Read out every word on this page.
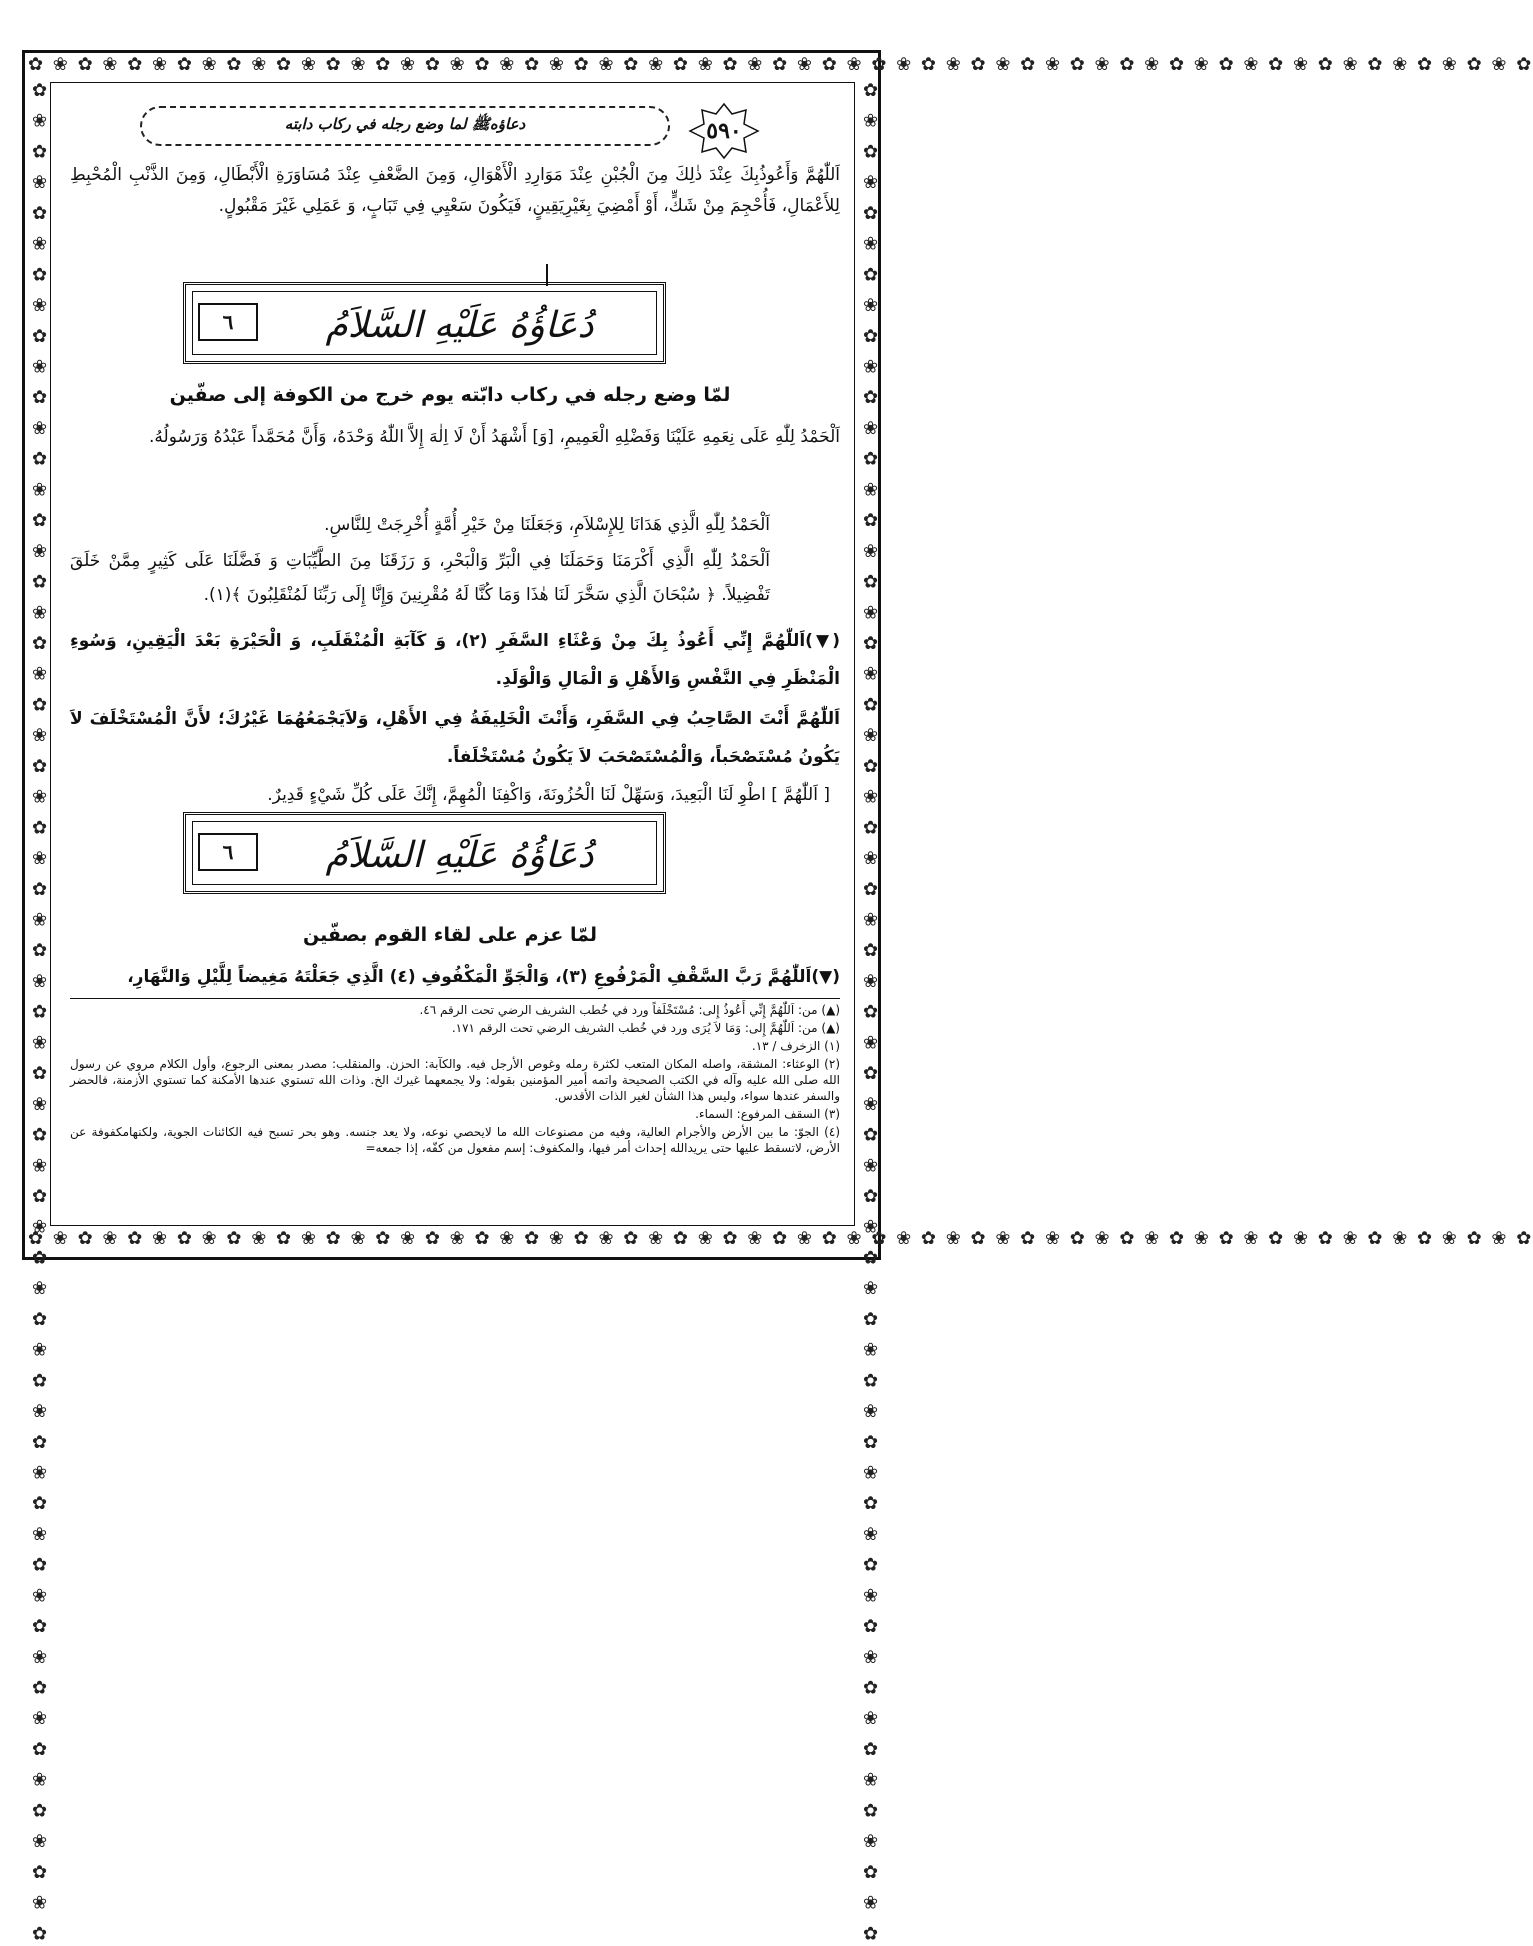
✿ ❀ ✿ ❀ ✿ ❀ ✿ ❀ ✿ ❀ ✿ ❀ ✿ ❀ ✿ ❀ ✿ ❀ ✿ ❀ ✿ ❀ ✿ ❀ ✿ ❀ ✿ ❀ ✿ ❀ ✿ ❀ ✿ ❀ ✿ ❀ ✿ ❀ ✿ ❀ ✿ ❀ ✿ ❀ ✿ ❀ ✿ ❀ ✿ ❀ ✿ ❀ ✿ ❀ ✿ ❀ ✿ ❀ ✿ ❀ ✿
✿ ❀ ✿ ❀ ✿ ❀ ✿ ❀ ✿ ❀ ✿ ❀ ✿ ❀ ✿ ❀ ✿ ❀ ✿ ❀ ✿ ❀ ✿ ❀ ✿ ❀ ✿ ❀ ✿ ❀ ✿ ❀ ✿ ❀ ✿ ❀ ✿ ❀ ✿ ❀ ✿ ❀ ✿ ❀ ✿ ❀ ✿ ❀ ✿ ❀ ✿ ❀ ✿ ❀ ✿ ❀ ✿ ❀ ✿ ❀ ✿
✿ ❀ ✿ ❀ ✿ ❀ ✿ ❀ ✿ ❀ ✿ ❀ ✿ ❀ ✿ ❀ ✿ ❀ ✿ ❀ ✿ ❀ ✿ ❀ ✿ ❀ ✿ ❀ ✿ ❀ ✿ ❀ ✿ ❀ ✿ ❀ ✿ ❀ ✿ ❀ ✿ ❀ ✿ ❀ ✿ ❀ ✿ ❀ ✿ ❀ ✿ ❀ ✿ ❀ ✿ ❀ ✿ ❀ ✿ ❀ ✿	✿ ❀ ✿ ❀ ✿ ❀ ✿ ❀ ✿ ❀ ✿ ❀ ✿ ❀ ✿ ❀ ✿ ❀ ✿ ❀ ✿ ❀ ✿ ❀ ✿ ❀ ✿ ❀ ✿ ❀ ✿ ❀ ✿ ❀ ✿ ❀ ✿ ❀ ✿ ❀ ✿ ❀ ✿ ❀ ✿ ❀ ✿ ❀ ✿ ❀ ✿ ❀ ✿ ❀ ✿ ❀ ✿ ❀ ✿ ❀ ✿
٥٩٠
دعاؤهﷺ لما وضع رجله في ركاب دابته
اَللّٰهُمَّ وَأَعُوذُبِكَ عِنْدَ ذٰلِكَ مِنَ الْجُبْنِ عِنْدَ مَوَارِدِ الْأَهْوَالِ، وَمِنَ الضَّعْفِ عِنْدَ مُسَاوَرَةِ الْأَبْطَالِ، وَمِنَ الذَّنْبِ الْمُحْبِطِ لِلأَعْمَالِ، فَأُحْجِمَ مِنْ شَكٍّ، أَوْ أَمْضِيَ بِغَيْرِيَقِينٍ، فَيَكُونَ سَعْيِي فِي تَبَابٍ، وَ عَمَلِي غَيْرَ مَقْبُولٍ.
٦	دُعَاؤُهُ عَلَيْهِ السَّلاَمُ
لمّا وضع رجله في ركاب دابّته يوم خرج من الكوفة إلى صفّين
اَلْحَمْدُ لِلّٰهِ عَلَى نِعَمِهِ عَلَيْنَا وَفَضْلِهِ الْعَمِيمِ، [وَ] أَشْهَدُ أَنْ لَا اِلٰهَ إِلاَّ اللّٰهُ وَحْدَهُ، وَأَنَّ مُحَمَّداً عَبْدُهُ وَرَسُولُهُ.
اَلْحَمْدُ لِلّٰهِ الَّذِي هَدَانَا لِلإِسْلاَمِ، وَجَعَلَنَا مِنْ خَيْرِ أُمَّةٍ أُخْرِجَتْ لِلنَّاسِ.
اَلْحَمْدُ لِلّٰهِ الَّذِي أَكْرَمَنَا وَحَمَلَنَا فِي الْبَرِّ وَالْبَحْرِ، وَ رَزَقَنَا مِنَ الطَّيِّبَاتِ وَ فَضَّلَنَا عَلَى كَثِيرٍ مِمَّنْ خَلَقَ تَفْضِيلاً. ﴿ سُبْحَانَ الَّذِي سَخَّرَ لَنَا هٰذَا وَمَا كُنَّا لَهُ مُقْرِنِينَ وَإِنَّا إِلَى رَبِّنَا لَمُنْقَلِبُونَ ﴾(١).
(▼)اَللّٰهُمَّ إِنِّي أَعُوذُ بِكَ مِنْ وَعْثَاءِ السَّفَرِ (٢)، وَ كَآبَةِ الْمُنْقَلَبِ، وَ الْحَيْرَةِ بَعْدَ الْيَقِينِ، وَسُوءِ الْمَنْظَرِ فِي النَّفْسِ وَالأَهْلِ وَ الْمَالِ وَالْوَلَدِ.
اَللّٰهُمَّ أَنْتَ الصَّاحِبُ فِي السَّفَرِ، وَأَنْتَ الْخَلِيفَةُ فِي الأَهْلِ، وَلاَيَجْمَعُهُمَا غَيْرُكَ؛ لأَنَّ الْمُسْتَخْلَفَ لاَ يَكُونُ مُسْتَصْحَباً، وَالْمُسْتَصْحَبَ لاَ يَكُونُ مُسْتَخْلَفاً.
[ اَللّٰهُمَّ ] اطْوِ لَنَا الْبَعِيدَ، وَسَهِّلْ لَنَا الْحُزُونَةَ، وَاكْفِنَا الْمُهِمَّ، إِنَّكَ عَلَى كُلِّ شَيْءٍ قَدِيرٌ.
٦	دُعَاؤُهُ عَلَيْهِ السَّلاَمُ
لمّا عزم على لقاء القوم بصفّين
(▼)اَللّٰهُمَّ رَبَّ السَّقْفِ الْمَرْفُوعِ (٣)، وَالْجَوِّ الْمَكْفُوفِ (٤) الَّذِي جَعَلْتَهُ مَغِيضاً لِلَّيْلِ وَالنَّهَارِ،
(▲) من: اَللّٰهُمَّ إِنِّي أَعُوذُ إِلى: مُسْتَخْلَفاً ورد في خُطب الشريف الرضي تحت الرقم ٤٦.
(▲) من: اَللّٰهُمَّ إِلى: وَمَا لاَ يُرَى ورد في خُطب الشريف الرضي تحت الرقم ١٧١.
(١) الزخرف / ١٣.
(٢) الوعثاء: المشقة، واصله المكان المتعب لكثرة رمله وغوص الأرجل فيه. والكآبة: الحزن. والمنقلب: مصدر بمعنى الرجوع، وأول الكلام مروي عن رسول الله صلى الله عليه وآله في الكتب الصحيحة واتمه أمير المؤمنين بقوله: ولا يجمعهما غيرك الخ. وذات الله تستوي عندها الأمكنة كما تستوي الأزمنة، فالحضر والسفر عندها سواء، وليس هذا الشأن لغير الذات الأقدس.
(٣) السقف المرفوع: السماء.
(٤) الجوّ: ما بين الأرض والأجرام العالية، وفيه من مصنوعات الله ما لايحصي نوعه، ولا يعد جنسه. وهو بحر تسبح فيه الكائنات الجوية، ولكنهامكفوفة عن الأرض، لاتسقط عليها حتى يريدالله إحداث أمر فيها، والمكفوف: إسم مفعول من كفّه، إذا جمعه=
